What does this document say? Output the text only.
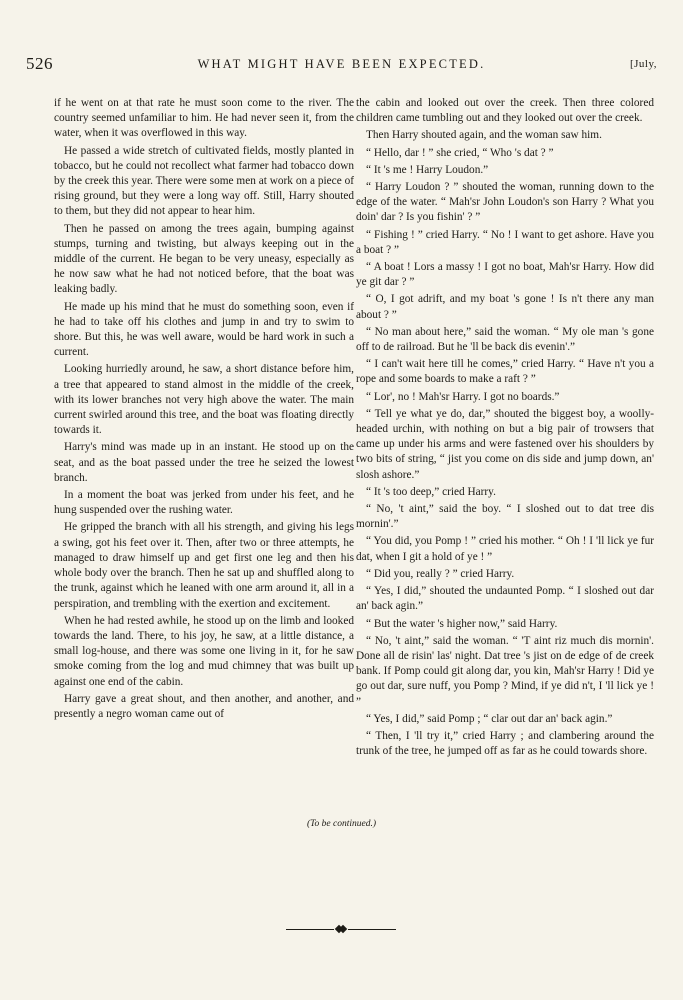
526	WHAT MIGHT HAVE BEEN EXPECTED.	[July,

if he went on at that rate he must soon come to the river. The country seemed unfamiliar to him. He had never seen it, from the water, when it was overflowed in this way.

He passed a wide stretch of cultivated fields, mostly planted in tobacco, but he could not recollect what farmer had tobacco down by the creek this year. There were some men at work on a piece of rising ground, but they were a long way off. Still, Harry shouted to them, but they did not appear to hear him.

Then he passed on among the trees again, bumping against stumps, turning and twisting, but always keeping out in the middle of the current. He began to be very uneasy, especially as he now saw what he had not noticed before, that the boat was leaking badly.

He made up his mind that he must do something soon, even if he had to take off his clothes and jump in and try to swim to shore. But this, he was well aware, would be hard work in such a current.

Looking hurriedly around, he saw, a short distance before him, a tree that appeared to stand almost in the middle of the creek, with its lower branches not very high above the water. The main current swirled around this tree, and the boat was floating directly towards it.

Harry's mind was made up in an instant. He stood up on the seat, and as the boat passed under the tree he seized the lowest branch.

In a moment the boat was jerked from under his feet, and he hung suspended over the rushing water.

He gripped the branch with all his strength, and giving his legs a swing, got his feet over it. Then, after two or three attempts, he managed to draw himself up and get first one leg and then his whole body over the branch. Then he sat up and shuffled along to the trunk, against which he leaned with one arm around it, all in a perspiration, and trembling with the exertion and excitement.

When he had rested awhile, he stood up on the limb and looked towards the land. There, to his joy, he saw, at a little distance, a small log-house, and there was some one living in it, for he saw smoke coming from the log and mud chimney that was built up against one end of the cabin.

Harry gave a great shout, and then another, and another, and presently a negro woman came out of

the cabin and looked out over the creek. Then three colored children came tumbling out and they looked out over the creek.

Then Harry shouted again, and the woman saw him.

“ Hello, dar ! ” she cried, “ Who 's dat ? ”

“ It 's me ! Harry Loudon.”

“ Harry Loudon ? ” shouted the woman, running down to the edge of the water. “ Mah'sr John Loudon's son Harry ? What you doin' dar ? Is you fishin' ? ”

“ Fishing ! ” cried Harry. “ No ! I want to get ashore. Have you a boat ? ”

“ A boat ! Lors a massy ! I got no boat, Mah'sr Harry. How did ye git dar ? ”

“ O, I got adrift, and my boat 's gone ! Is n't there any man about ? ”

“ No man about here,” said the woman. “ My ole man 's gone off to de railroad. But he 'll be back dis evenin'.”

“ I can't wait here till he comes,” cried Harry. “ Have n't you a rope and some boards to make a raft ? ”

“ Lor', no ! Mah'sr Harry. I got no boards.”

“ Tell ye what ye do, dar,” shouted the biggest boy, a woolly-headed urchin, with nothing on but a big pair of trowsers that came up under his arms and were fastened over his shoulders by two bits of string, “ jist you come on dis side and jump down, an' slosh ashore.”

“ It 's too deep,” cried Harry.

“ No, 't aint,” said the boy. “ I sloshed out to dat tree dis mornin'.”

“ You did, you Pomp ! ” cried his mother. “ Oh ! I 'll lick ye fur dat, when I git a hold of ye ! ”

“ Did you, really ? ” cried Harry.

“ Yes, I did,” shouted the undaunted Pomp. “ I sloshed out dar an' back agin.”

“ But the water 's higher now,” said Harry.

“ No, 't aint,” said the woman. “ 'T aint riz much dis mornin'. Done all de risin' las' night. Dat tree 's jist on de edge of de creek bank. If Pomp could git along dar, you kin, Mah'sr Harry ! Did ye go out dar, sure nuff, you Pomp ? Mind, if ye did n't, I 'll lick ye ! ”

“ Yes, I did,” said Pomp ; “ clar out dar an' back agin.”

“ Then, I 'll try it,” cried Harry ; and clambering around the trunk of the tree, he jumped off as far as he could towards shore.

(To be continued.)
